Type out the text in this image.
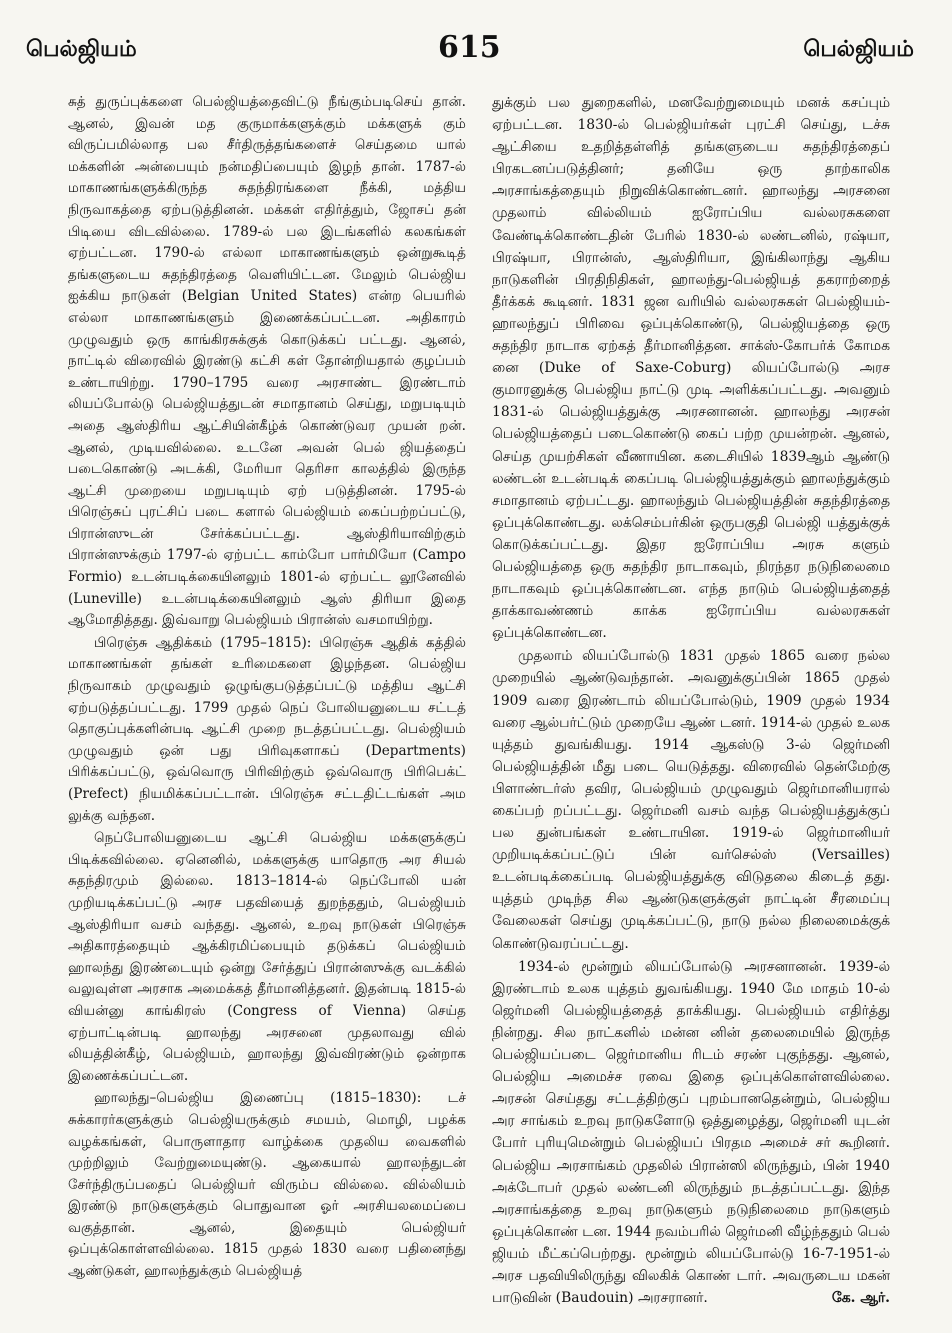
பெல்ஜியம்	615	பெல்ஜியம்

சுத் துருப்புக்களை பெல்ஜியத்தைவிட்டு நீங்கும்படிசெய் தான். ஆனல், இவன் மத குருமாக்களுக்கும் மக்களுக் கும் விருப்பமில்லாத பல சீர்திருத்தங்களைச் செய்தமை யால் மக்களின் அன்பையும் நன்மதிப்பையும் இழந் தான். 1787-ல் மாகாணங்களுக்கிருந்த சுதந்திரங்களை நீக்கி, மத்திய நிருவாகத்தை ஏற்படுத்தினன். மக்கள் எதிர்த்தும், ஜோசப் தன் பிடியை விடவில்லை. 1789-ல் பல இடங்களில் கலகங்கள் ஏற்பட்டன. 1790-ல் எல்லா மாகாணங்களும் ஒன்றுகூடித் தங்களுடைய சுதந்திரத்தை வெளியிட்டன. மேலும் பெல்ஜிய ஐக்கிய நாடுகள் (Belgian United States) என்ற பெயரில் எல்லா மாகாணங்களும் இணைக்கப்பட்டன. அதிகாரம் முழுவதும் ஒரு காங்கிரசுக்குக் கொடுக்கப் பட்டது. ஆனல், நாட்டில் விரைவில் இரண்டு கட்சி கள் தோன்றியதால் குழப்பம் உண்டாயிற்று. 1790–1795 வரை அரசாண்ட இரண்டாம் லியப்போல்டு பெல்ஜியத்துடன் சமாதானம் செய்து, மறுபடியும் அதை ஆஸ்திரிய ஆட்சியின்கீழ்க் கொண்டுவர முயன் றன். ஆனல், முடியவில்லை. உடனே அவன் பெல் ஜியத்தைப் படைகொண்டு அடக்கி, மேரியா தெரிசா காலத்தில் இருந்த ஆட்சி முறையை மறுபடியும் ஏற் படுத்தினன். 1795-ல் பிரெஞ்சுப் புரட்சிப் படை களால் பெல்ஜியம் கைப்பற்றப்பட்டு, பிரான்ஸுடன் சேர்க்கப்பட்டது. ஆஸ்திரியாவிற்கும் பிரான்ஸுக்கும் 1797-ல் ஏற்பட்ட காம்போ பார்மியோ (Campo Formio) உடன்படிக்கையினலும் 1801-ல் ஏற்பட்ட லூனேவில் (Luneville) உடன்படிக்கையினலும் ஆஸ் திரியா இதை ஆமோதித்தது. இவ்வாறு பெல்ஜியம் பிரான்ஸ் வசமாயிற்று.

பிரெஞ்சு ஆதிக்கம் (1795–1815): பிரெஞ்சு ஆதிக் கத்தில் மாகாணங்கள் தங்கள் உரிமைகளை இழந்தன. பெல்ஜிய நிருவாகம் முழுவதும் ஒழுங்குபடுத்தப்பட்டு மத்திய ஆட்சி ஏற்படுத்தப்பட்டது. 1799 முதல் நெப் போலியனுடைய சட்டத் தொகுப்புக்களின்படி ஆட்சி முறை நடத்தப்பட்டது. பெல்ஜியம் முழுவதும் ஒன் பது பிரிவுகளாகப் (Departments) பிரிக்கப்பட்டு, ஒவ்வொரு பிரிவிற்கும் ஒவ்வொரு பிரிபெக்ட் (Prefect) நியமிக்கப்பட்டான். பிரெஞ்சு சட்டதிட்டங்கள் அம லுக்கு வந்தன.

நெப்போலியனுடைய ஆட்சி பெல்ஜிய மக்களுக்குப் பிடிக்கவில்லை. ஏனெனில், மக்களுக்கு யாதொரு அர சியல் சுதந்திரமும் இல்லை. 1813–1814-ல் நெப்போலி யன் முறியடிக்கப்பட்டு அரச பதவியைத் துறந்ததும், பெல்ஜியம் ஆஸ்திரியா வசம் வந்தது. ஆனல், உறவு நாடுகள் பிரெஞ்சு அதிகாரத்தையும் ஆக்கிரமிப்பையும் தடுக்கப் பெல்ஜியம் ஹாலந்து இரண்டையும் ஒன்று சேர்த்துப் பிரான்ஸுக்கு வடக்கில் வலுவுள்ள அரசாக அமைக்கத் தீர்மானித்தனர். இதன்படி 1815-ல் வியன்னு காங்கிரஸ் (Congress of Vienna) செய்த ஏற்பாட்டின்படி ஹாலந்து அரசனை முதலாவது வில் லியத்தின்கீழ், பெல்ஜியம், ஹாலந்து இவ்விரண்டும் ஒன்றாக இணைக்கப்பட்டன.

ஹாலந்து–பெல்ஜிய இணைப்பு (1815–1830): டச் சுக்காரர்களுக்கும் பெல்ஜியருக்கும் சமயம், மொழி, பழக்க வழக்கங்கள், பொருளாதார வாழ்க்கை முதலிய வைகளில் முற்றிலும் வேற்றுமையுண்டு. ஆகையால் ஹாலந்துடன் சேர்ந்திருப்பதைப் பெல்ஜியர் விரும்ப வில்லை. வில்லியம் இரண்டு நாடுகளுக்கும் பொதுவான ஓர் அரசியலமைப்பை வகுத்தான். ஆனல், இதையும் பெல்ஜியர் ஒப்புக்கொள்ளவில்லை. 1815 முதல் 1830 வரை பதினைந்து ஆண்டுகள், ஹாலந்துக்கும் பெல்ஜியத்

துக்கும் பல துறைகளில், மனவேற்றுமையும் மனக் கசப்பும் ஏற்பட்டன. 1830-ல் பெல்ஜியர்கள் புரட்சி செய்து, டச்சு ஆட்சியை உதறித்தள்ளித் தங்களுடைய சுதந்திரத்தைப் பிரகடனப்படுத்தினர்; தனியே ஒரு தாற்காலிக அரசாங்கத்தையும் நிறுவிக்கொண்டனர். ஹாலந்து அரசனை முதலாம் வில்லியம் ஐரோப்பிய வல்லரசுகளை வேண்டிக்கொண்டதின் பேரில் 1830-ல் லண்டனில், ரஷ்யா, பிரஷ்யா, பிரான்ஸ், ஆஸ்திரியா, இங்கிலாந்து ஆகிய நாடுகளின் பிரதிநிதிகள், ஹாலந்து-பெல்ஜியத் தகராற்றைத் தீர்க்கக் கூடினர். 1831 ஜன வரியில் வல்லரசுகள் பெல்ஜியம்-ஹாலந்துப் பிரிவை ஒப்புக்கொண்டு, பெல்ஜியத்தை ஒரு சுதந்திர நாடாக ஏற்கத் தீர்மானித்தன. சாக்ஸ்-கோபர்க் கோமக னை (Duke of Saxe-Coburg) லியப்போல்டு அரச குமாரனுக்கு பெல்ஜிய நாட்டு முடி அளிக்கப்பட்டது. அவனும் 1831-ல் பெல்ஜியத்துக்கு அரசனானன். ஹாலந்து அரசன் பெல்ஜியத்தைப் படைகொண்டு கைப் பற்ற முயன்றன். ஆனல், செய்த முயற்சிகள் வீணாயின. கடைசியில் 1839ஆம் ஆண்டு லண்டன் உடன்படிக் கைப்படி பெல்ஜியத்துக்கும் ஹாலந்துக்கும் சமாதானம் ஏற்பட்டது. ஹாலந்தும் பெல்ஜியத்தின் சுதந்திரத்தை ஒப்புக்கொண்டது. லக்செம்பர்கின் ஒருபகுதி பெல்ஜி யத்துக்குக் கொடுக்கப்பட்டது. இதர ஐரோப்பிய அரசு களும் பெல்ஜியத்தை ஒரு சுதந்திர நாடாகவும், நிரந்தர நடுநிலைமை நாடாகவும் ஒப்புக்கொண்டன. எந்த நாடும் பெல்ஜியத்தைத் தாக்காவண்ணம் காக்க ஐரோப்பிய வல்லரசுகள் ஒப்புக்கொண்டன.

முதலாம் லியப்போல்டு 1831 முதல் 1865 வரை நல்ல முறையில் ஆண்டுவந்தான். அவனுக்குப்பின் 1865 முதல் 1909 வரை இரண்டாம் லியப்போல்டும், 1909 முதல் 1934 வரை ஆல்பர்ட்டும் முறையே ஆண் டனர். 1914-ல் முதல் உலக யுத்தம் துவங்கியது. 1914 ஆகஸ்டு 3-ல் ஜெர்மனி பெல்ஜியத்தின் மீது படை யெடுத்தது. விரைவில் தென்மேற்கு பிளாண்டர்ஸ் தவிர, பெல்ஜியம் முழுவதும் ஜெர்மானியரால் கைப்பற் றப்பட்டது. ஜெர்மனி வசம் வந்த பெல்ஜியத்துக்குப் பல துன்பங்கள் உண்டாயின. 1919-ல் ஜெர்மானியர் முறியடிக்கப்பட்டுப் பின் வர்செல்ஸ் (Versailles) உடன்படிக்கைப்படி பெல்ஜியத்துக்கு விடுதலை கிடைத் தது. யுத்தம் முடிந்த சில ஆண்டுகளுக்குள் நாட்டின் சீரமைப்பு வேலைகள் செய்து முடிக்கப்பட்டு, நாடு நல்ல நிலைமைக்குக் கொண்டுவரப்பட்டது.

1934-ல் மூன்றும் லியப்போல்டு அரசனானன். 1939-ல் இரண்டாம் உலக யுத்தம் துவங்கியது. 1940 மே மாதம் 10-ல் ஜெர்மனி பெல்ஜியத்தைத் தாக்கியது. பெல்ஜியம் எதிர்த்து நின்றது. சில நாட்களில் மன்ன னின் தலைமையில் இருந்த பெல்ஜியப்படை ஜெர்மானிய ரிடம் சரண் புகுந்தது. ஆனல், பெல்ஜிய அமைச்ச ரவை இதை ஒப்புக்கொள்ளவில்லை. அரசன் செய்தது சட்டத்திற்குப் புறம்பானதென்றும், பெல்ஜிய அர சாங்கம் உறவு நாடுகளோடு ஒத்துழைத்து, ஜெர்மனி யுடன் போர் புரியுமென்றும் பெல்ஜியப் பிரதம அமைச் சர் கூறினர். பெல்ஜிய அரசாங்கம் முதலில் பிரான்ஸி லிருந்தும், பின் 1940 அக்டோபர் முதல் லண்டனி லிருந்தும் நடத்தப்பட்டது. இந்த அரசாங்கத்தை உறவு நாடுகளும் நடுநிலைமை நாடுகளும் ஒப்புக்கொண் டன. 1944 நவம்பரில் ஜெர்மனி வீழ்ந்ததும் பெல் ஜியம் மீட்கப்பெற்றது. மூன்றும் லியப்போல்டு 16-7-1951-ல் அரச பதவியிலிருந்து விலகிக் கொண் டார். அவருடைய மகன் பாடுவின் (Baudouin) அரசரானர்.	கே. ஆர்.
